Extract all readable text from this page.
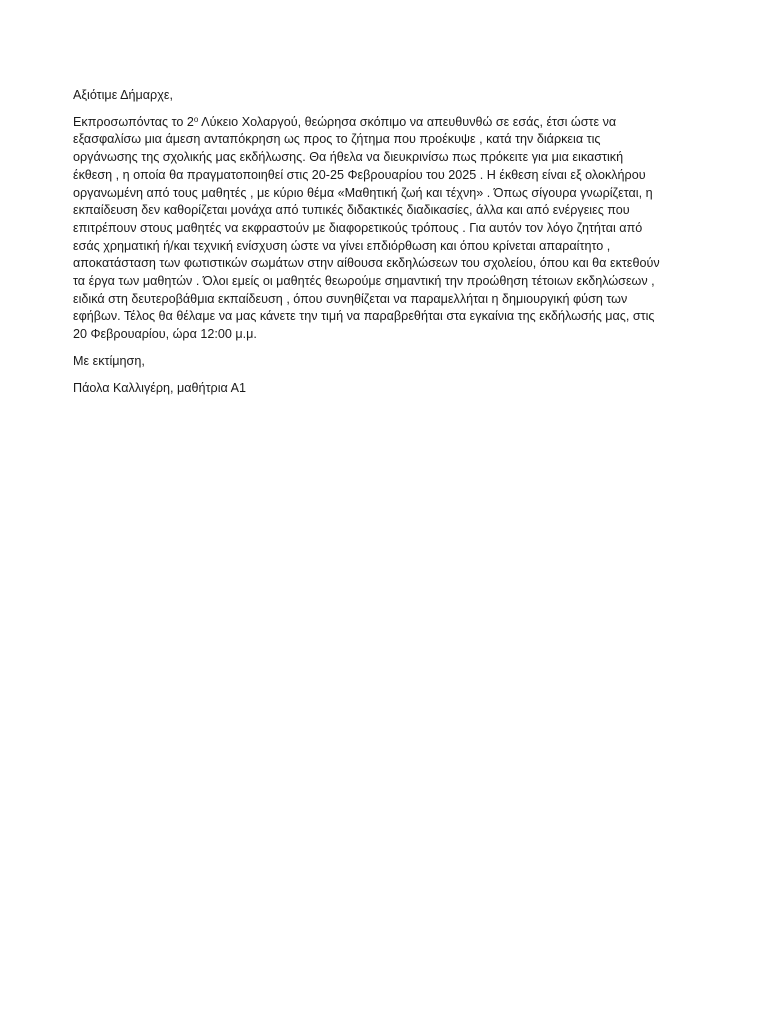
Αξιότιμε Δήμαρχε,

Εκπροσωπόντας το $2^o$ Λύκειο Χολαργού, θεώρησα σκόπιμο να απευθυνθώ σε εσάς, έτσι ώστε να
εξασφαλίσω μια άμεση ανταπόκρηση ως προς το ζήτημα που προέκυψε , κατά την διάρκεια τις
οργάνωσης της σχολικής μας εκδήλωσης. Θα ήθελα να διευκρινίσω πως πρόκειτε για μια εικαστική
έκθεση , η οποία θα πραγματοποιηθεί στις 20-25 Φεβρουαρίου του 2025 . Η έκθεση είναι εξ ολοκλήρου
οργανωμένη από τους μαθητές , με κύριο θέμα «Μαθητική ζωή και τέχνη» . Όπως σίγουρα γνωρίζεται, η
εκπαίδευση δεν καθορίζεται μονάχα από τυπικές διδακτικές διαδικασίες, άλλα και από ενέργειες που
επιτρέπουν στους μαθητές να εκφραστούν με διαφορετικούς τρόπους . Για αυτόν τον λόγο ζητήται από
εσάς χρηματική ή/και τεχνική ενίσχυση ώστε να γίνει επδιόρθωση και όπου κρίνεται απαραίτητο ,
αποκατάσταση των φωτιστικών σωμάτων στην αίθουσα εκδηλώσεων του σχολείου, όπου και θα εκτεθούν
τα έργα των μαθητών . Όλοι εμείς οι μαθητές θεωρούμε σημαντική την προώθηση τέτοιων εκδηλώσεων ,
ειδικά στη δευτεροβάθμια εκπαίδευση , όπου συνηθίζεται να παραμελλήται η δημιουργική φύση των
εφήβων. Τέλος θα θέλαμε να μας κάνετε την τιμή να παραβρεθήται στα εγκαίνια της εκδήλωσής μας, στις
20 Φεβρουαρίου, ώρα 12:00 μ.μ.

Με εκτίμηση,

Πάολα Καλλιγέρη, μαθήτρια Α1
